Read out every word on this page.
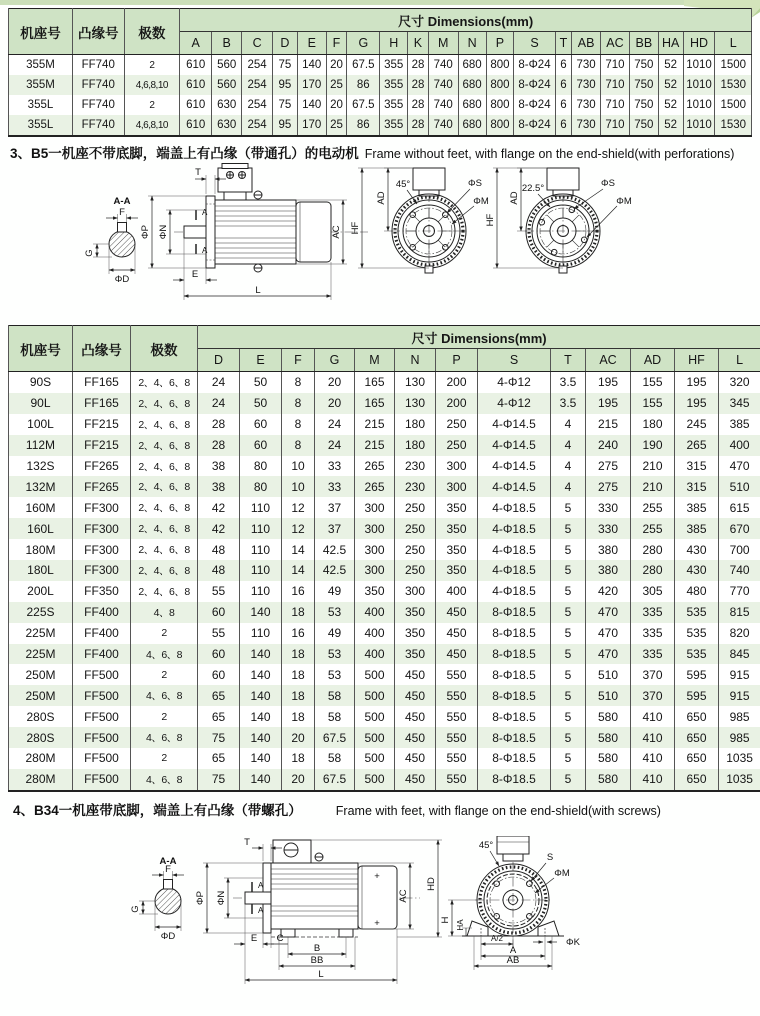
机座号	凸缘号	极数	尺寸 Dimensions(mm)																			
			A	B	C	D	E	F	G	H	K	M	N	P	S	T	AB	AC	BB	HA	HD	L
355M	FF740	2	610	560	254	75	140	20	67.5	355	28	740	680	800	8-Φ24	6	730	710	750	52	1010	1500
355M	FF740	4,6,8,10	610	560	254	95	170	25	86	355	28	740	680	800	8-Φ24	6	730	710	750	52	1010	1530
355L	FF740	2	610	630	254	75	140	20	67.5	355	28	740	680	800	8-Φ24	6	730	710	750	52	1010	1500
355L	FF740	4,6,8,10	610	630	254	95	170	25	86	355	28	740	680	800	8-Φ24	6	730	710	750	52	1010	1530
3、B5一机座不带底脚，端盖上有凸缘（带通孔）的电动机 Frame without feet, with flange on the end-shield(with perforations)
A-A
F
G
ΦD
A
A
T
ΦP ΦN
E
L
AC
45°	ΦS
ΦM
AD
HF
22.5°	ΦS
ΦM
AD
HF
机座号	凸缘号	极数	尺寸 Dimensions(mm)												
			D	E	F	G	M	N	P	S	T	AC	AD	HF	L
90S	FF165	2、4、6、8	24	50	8	20	165	130	200	4-Φ12	3.5	195	155	195	320
90L	FF165	2、4、6、8	24	50	8	20	165	130	200	4-Φ12	3.5	195	155	195	345
100L	FF215	2、4、6、8	28	60	8	24	215	180	250	4-Φ14.5	4	215	180	245	385
112M	FF215	2、4、6、8	28	60	8	24	215	180	250	4-Φ14.5	4	240	190	265	400
132S	FF265	2、4、6、8	38	80	10	33	265	230	300	4-Φ14.5	4	275	210	315	470
132M	FF265	2、4、6、8	38	80	10	33	265	230	300	4-Φ14.5	4	275	210	315	510
160M	FF300	2、4、6、8	42	110	12	37	300	250	350	4-Φ18.5	5	330	255	385	615
160L	FF300	2、4、6、8	42	110	12	37	300	250	350	4-Φ18.5	5	330	255	385	670
180M	FF300	2、4、6、8	48	110	14	42.5	300	250	350	4-Φ18.5	5	380	280	430	700
180L	FF300	2、4、6、8	48	110	14	42.5	300	250	350	4-Φ18.5	5	380	280	430	740
200L	FF350	2、4、6、8	55	110	16	49	350	300	400	4-Φ18.5	5	420	305	480	770
225S	FF400	4、8	60	140	18	53	400	350	450	8-Φ18.5	5	470	335	535	815
225M	FF400	2	55	110	16	49	400	350	450	8-Φ18.5	5	470	335	535	820
225M	FF400	4、6、8	60	140	18	53	400	350	450	8-Φ18.5	5	470	335	535	845
250M	FF500	2	60	140	18	53	500	450	550	8-Φ18.5	5	510	370	595	915
250M	FF500	4、6、8	65	140	18	58	500	450	550	8-Φ18.5	5	510	370	595	915
280S	FF500	2	65	140	18	58	500	450	550	8-Φ18.5	5	580	410	650	985
280S	FF500	4、6、8	75	140	20	67.5	500	450	550	8-Φ18.5	5	580	410	650	985
280M	FF500	2	65	140	18	58	500	450	550	8-Φ18.5	5	580	410	650	1035
280M	FF500	4、6、8	75	140	20	67.5	500	450	550	8-Φ18.5	5	580	410	650	1035
4、B34一机座带底脚，端盖上有凸缘（带螺孔）	Frame with feet, with flange on the end-shield(with screws)
A-A
F
G
ΦD
+
+
A
A
T
ΦP ΦN
E C
B
BB
L
AC
HD
45°
S
ΦM
H HA
A/2
A
AB
ΦK
